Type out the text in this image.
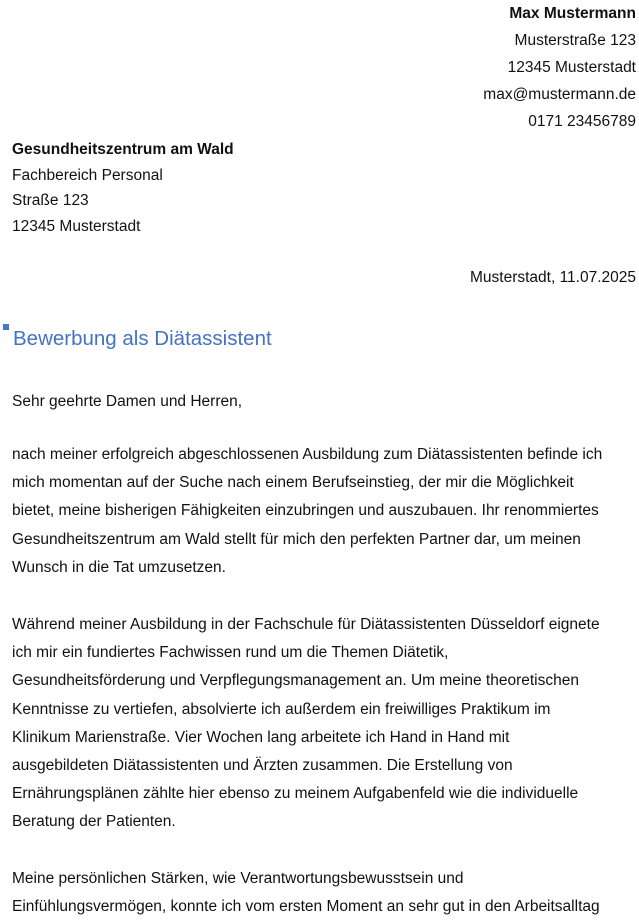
Max Mustermann
Musterstraße 123
12345 Musterstadt
max@mustermann.de
0171 23456789
Gesundheitszentrum am Wald
Fachbereich Personal
Straße 123
12345 Musterstadt
Musterstadt, 11.07.2025
Bewerbung als Diätassistent
Sehr geehrte Damen und Herren,

nach meiner erfolgreich abgeschlossenen Ausbildung zum Diätassistenten befinde ich
mich momentan auf der Suche nach einem Berufseinstieg, der mir die Möglichkeit
bietet, meine bisherigen Fähigkeiten einzubringen und auszubauen. Ihr renommiertes
Gesundheitszentrum am Wald stellt für mich den perfekten Partner dar, um meinen
Wunsch in die Tat umzusetzen.

Während meiner Ausbildung in der Fachschule für Diätassistenten Düsseldorf eignete
ich mir ein fundiertes Fachwissen rund um die Themen Diätetik,
Gesundheitsförderung und Verpflegungsmanagement an. Um meine theoretischen
Kenntnisse zu vertiefen, absolvierte ich außerdem ein freiwilliges Praktikum im
Klinikum Marienstraße. Vier Wochen lang arbeitete ich Hand in Hand mit
ausgebildeten Diätassistenten und Ärzten zusammen. Die Erstellung von
Ernährungsplänen zählte hier ebenso zu meinem Aufgabenfeld wie die individuelle
Beratung der Patienten.

Meine persönlichen Stärken, wie Verantwortungsbewusstsein und
Einfühlungsvermögen, konnte ich vom ersten Moment an sehr gut in den Arbeitsalltag
